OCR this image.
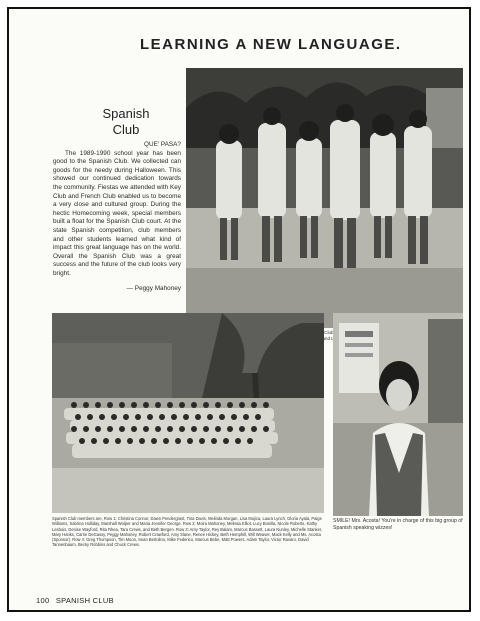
LEARNING A NEW LANGUAGE.
Spanish
Club
QUE' PASA?
The 1989-1990 school year has been good to the Spanish Club. We collected can goods for the needy during Halloween. This showed our continued dedication towards the community. Fiestas we attended with Key Club and French Club enabled us to become a very close and cultured group. During the hectic Homecoming week, special members built a float for the Spanish Club court. At the state Spanish competition, club members and other students learned what kind of impact this great language has on the world. Overall the Spanish Club was a great success and the future of the club looks very bright.
— Peggy Mahoney
Club and
Spanish Club members are, Row 1: Christina Connor, Dawn Pendergrast, Tina Davis, Melinda Morgan, Lisa Mojica, Laura Lynch, Gloria Ayala, Paige Williams, Sabrina Holliday, Marshall Wolper and Maria Jennifer George. Row 2: Moira Mahoney, Melissa Elliot, Lucy Bonilla, Nicole Roberts, Kathy Lesbois, Denise Wayford, Rita Rhea, Tara Crews, and Beth Bergen. Row 3: Amy Taylor, Rey Balam, Marcus Bassett, Laura Nunley, Michelle Stanker, Mary Hanks, Carrie DeGassy, Peggy Mahoney, Robert Crawford, Amy Slane, Renee Hickey, Beth Hemphill, Will Weaver, Mack Kelly and Ms. Acosta (Sponsor). Row 4: Greg Thompson, Tim Moon, Sean Bertolino, Mike Federico, Marcus Bebe, Matt Powers, Adam Taylor, Victor Ravaro, David Tannenbaum, Becky Robbins and Chuck Crews.
SMILE! Mrs. Acosta! You're in charge of this big group of Spanish speaking wizzes!
100 SPANISH CLUB
